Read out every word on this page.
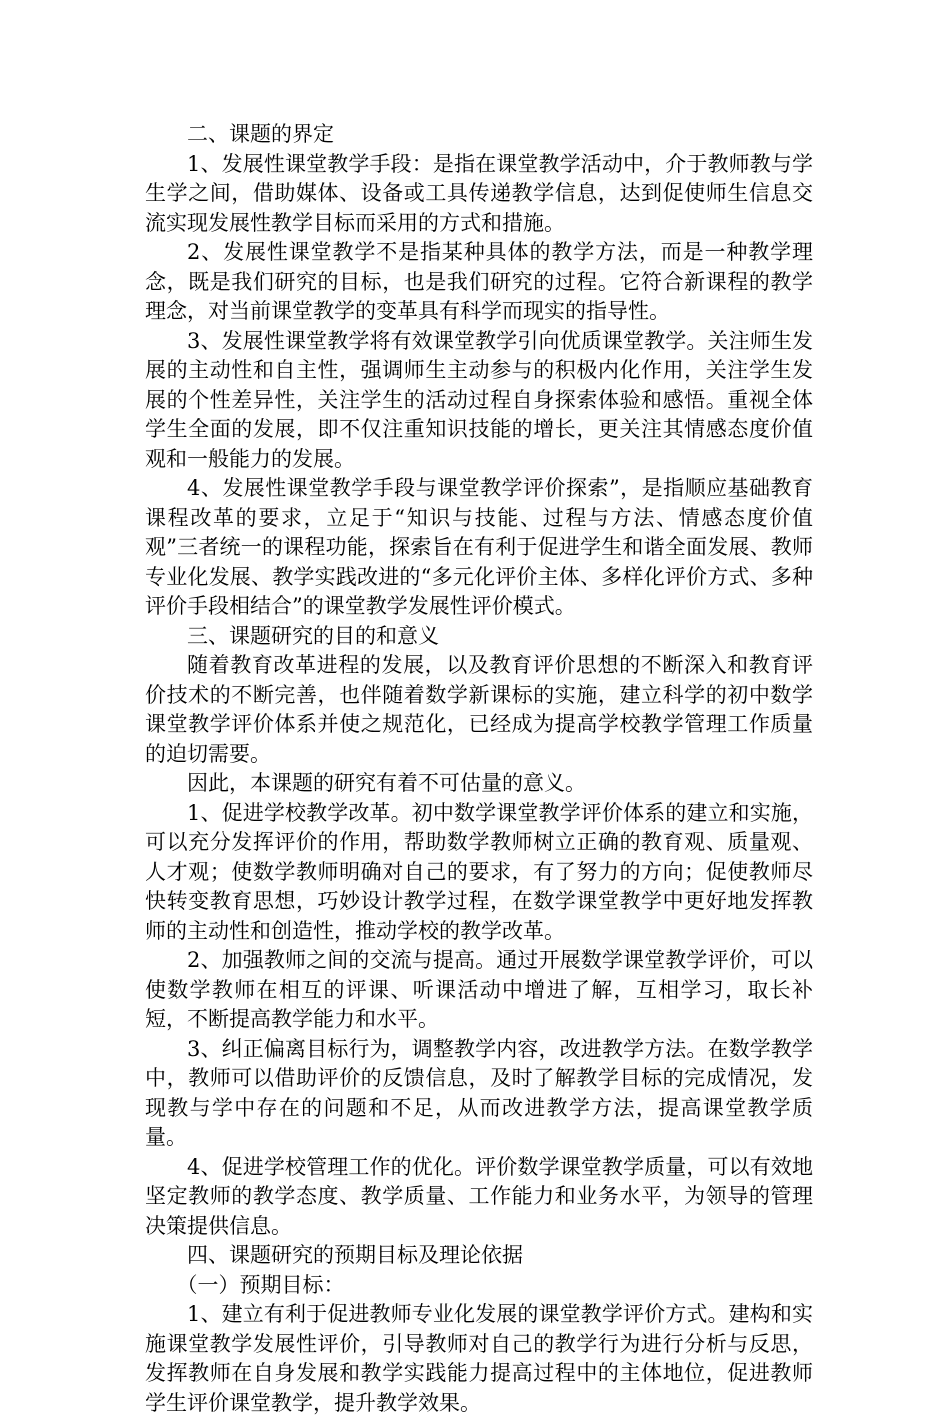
二、课题的界定

1、发展性课堂教学手段：是指在课堂教学活动中，介于教师教与学生学之间，借助媒体、设备或工具传递教学信息，达到促使师生信息交流实现发展性教学目标而采用的方式和措施。

2、发展性课堂教学不是指某种具体的教学方法，而是一种教学理念，既是我们研究的目标，也是我们研究的过程。它符合新课程的教学理念，对当前课堂教学的变革具有科学而现实的指导性。

3、发展性课堂教学将有效课堂教学引向优质课堂教学。关注师生发展的主动性和自主性，强调师生主动参与的积极内化作用，关注学生发展的个性差异性，关注学生的活动过程自身探索体验和感悟。重视全体学生全面的发展，即不仅注重知识技能的增长，更关注其情感态度价值观和一般能力的发展。

4、发展性课堂教学手段与课堂教学评价探索”，是指顺应基础教育课程改革的要求，立足于“知识与技能、过程与方法、情感态度价值观”三者统一的课程功能，探索旨在有利于促进学生和谐全面发展、教师专业化发展、教学实践改进的“多元化评价主体、多样化评价方式、多种评价手段相结合”的课堂教学发展性评价模式。

三、课题研究的目的和意义

随着教育改革进程的发展，以及教育评价思想的不断深入和教育评价技术的不断完善，也伴随着数学新课标的实施，建立科学的初中数学课堂教学评价体系并使之规范化，已经成为提高学校教学管理工作质量的迫切需要。

因此，本课题的研究有着不可估量的意义。

1、促进学校教学改革。初中数学课堂教学评价体系的建立和实施，可以充分发挥评价的作用，帮助数学教师树立正确的教育观、质量观、人才观；使数学教师明确对自己的要求，有了努力的方向；促使教师尽快转变教育思想，巧妙设计教学过程，在数学课堂教学中更好地发挥教师的主动性和创造性，推动学校的教学改革。

2、加强教师之间的交流与提高。通过开展数学课堂教学评价，可以使数学教师在相互的评课、听课活动中增进了解，互相学习，取长补短，不断提高教学能力和水平。

3、纠正偏离目标行为，调整教学内容，改进教学方法。在数学教学中，教师可以借助评价的反馈信息，及时了解教学目标的完成情况，发现教与学中存在的问题和不足，从而改进教学方法，提高课堂教学质量。

4、促进学校管理工作的优化。评价数学课堂教学质量，可以有效地坚定教师的教学态度、教学质量、工作能力和业务水平，为领导的管理决策提供信息。

四、课题研究的预期目标及理论依据

（一）预期目标：

1、建立有利于促进教师专业化发展的课堂教学评价方式。建构和实施课堂教学发展性评价，引导教师对自己的教学行为进行分析与反思，发挥教师在自身发展和教学实践能力提高过程中的主体地位，促进教师学生评价课堂教学，提升教学效果。
